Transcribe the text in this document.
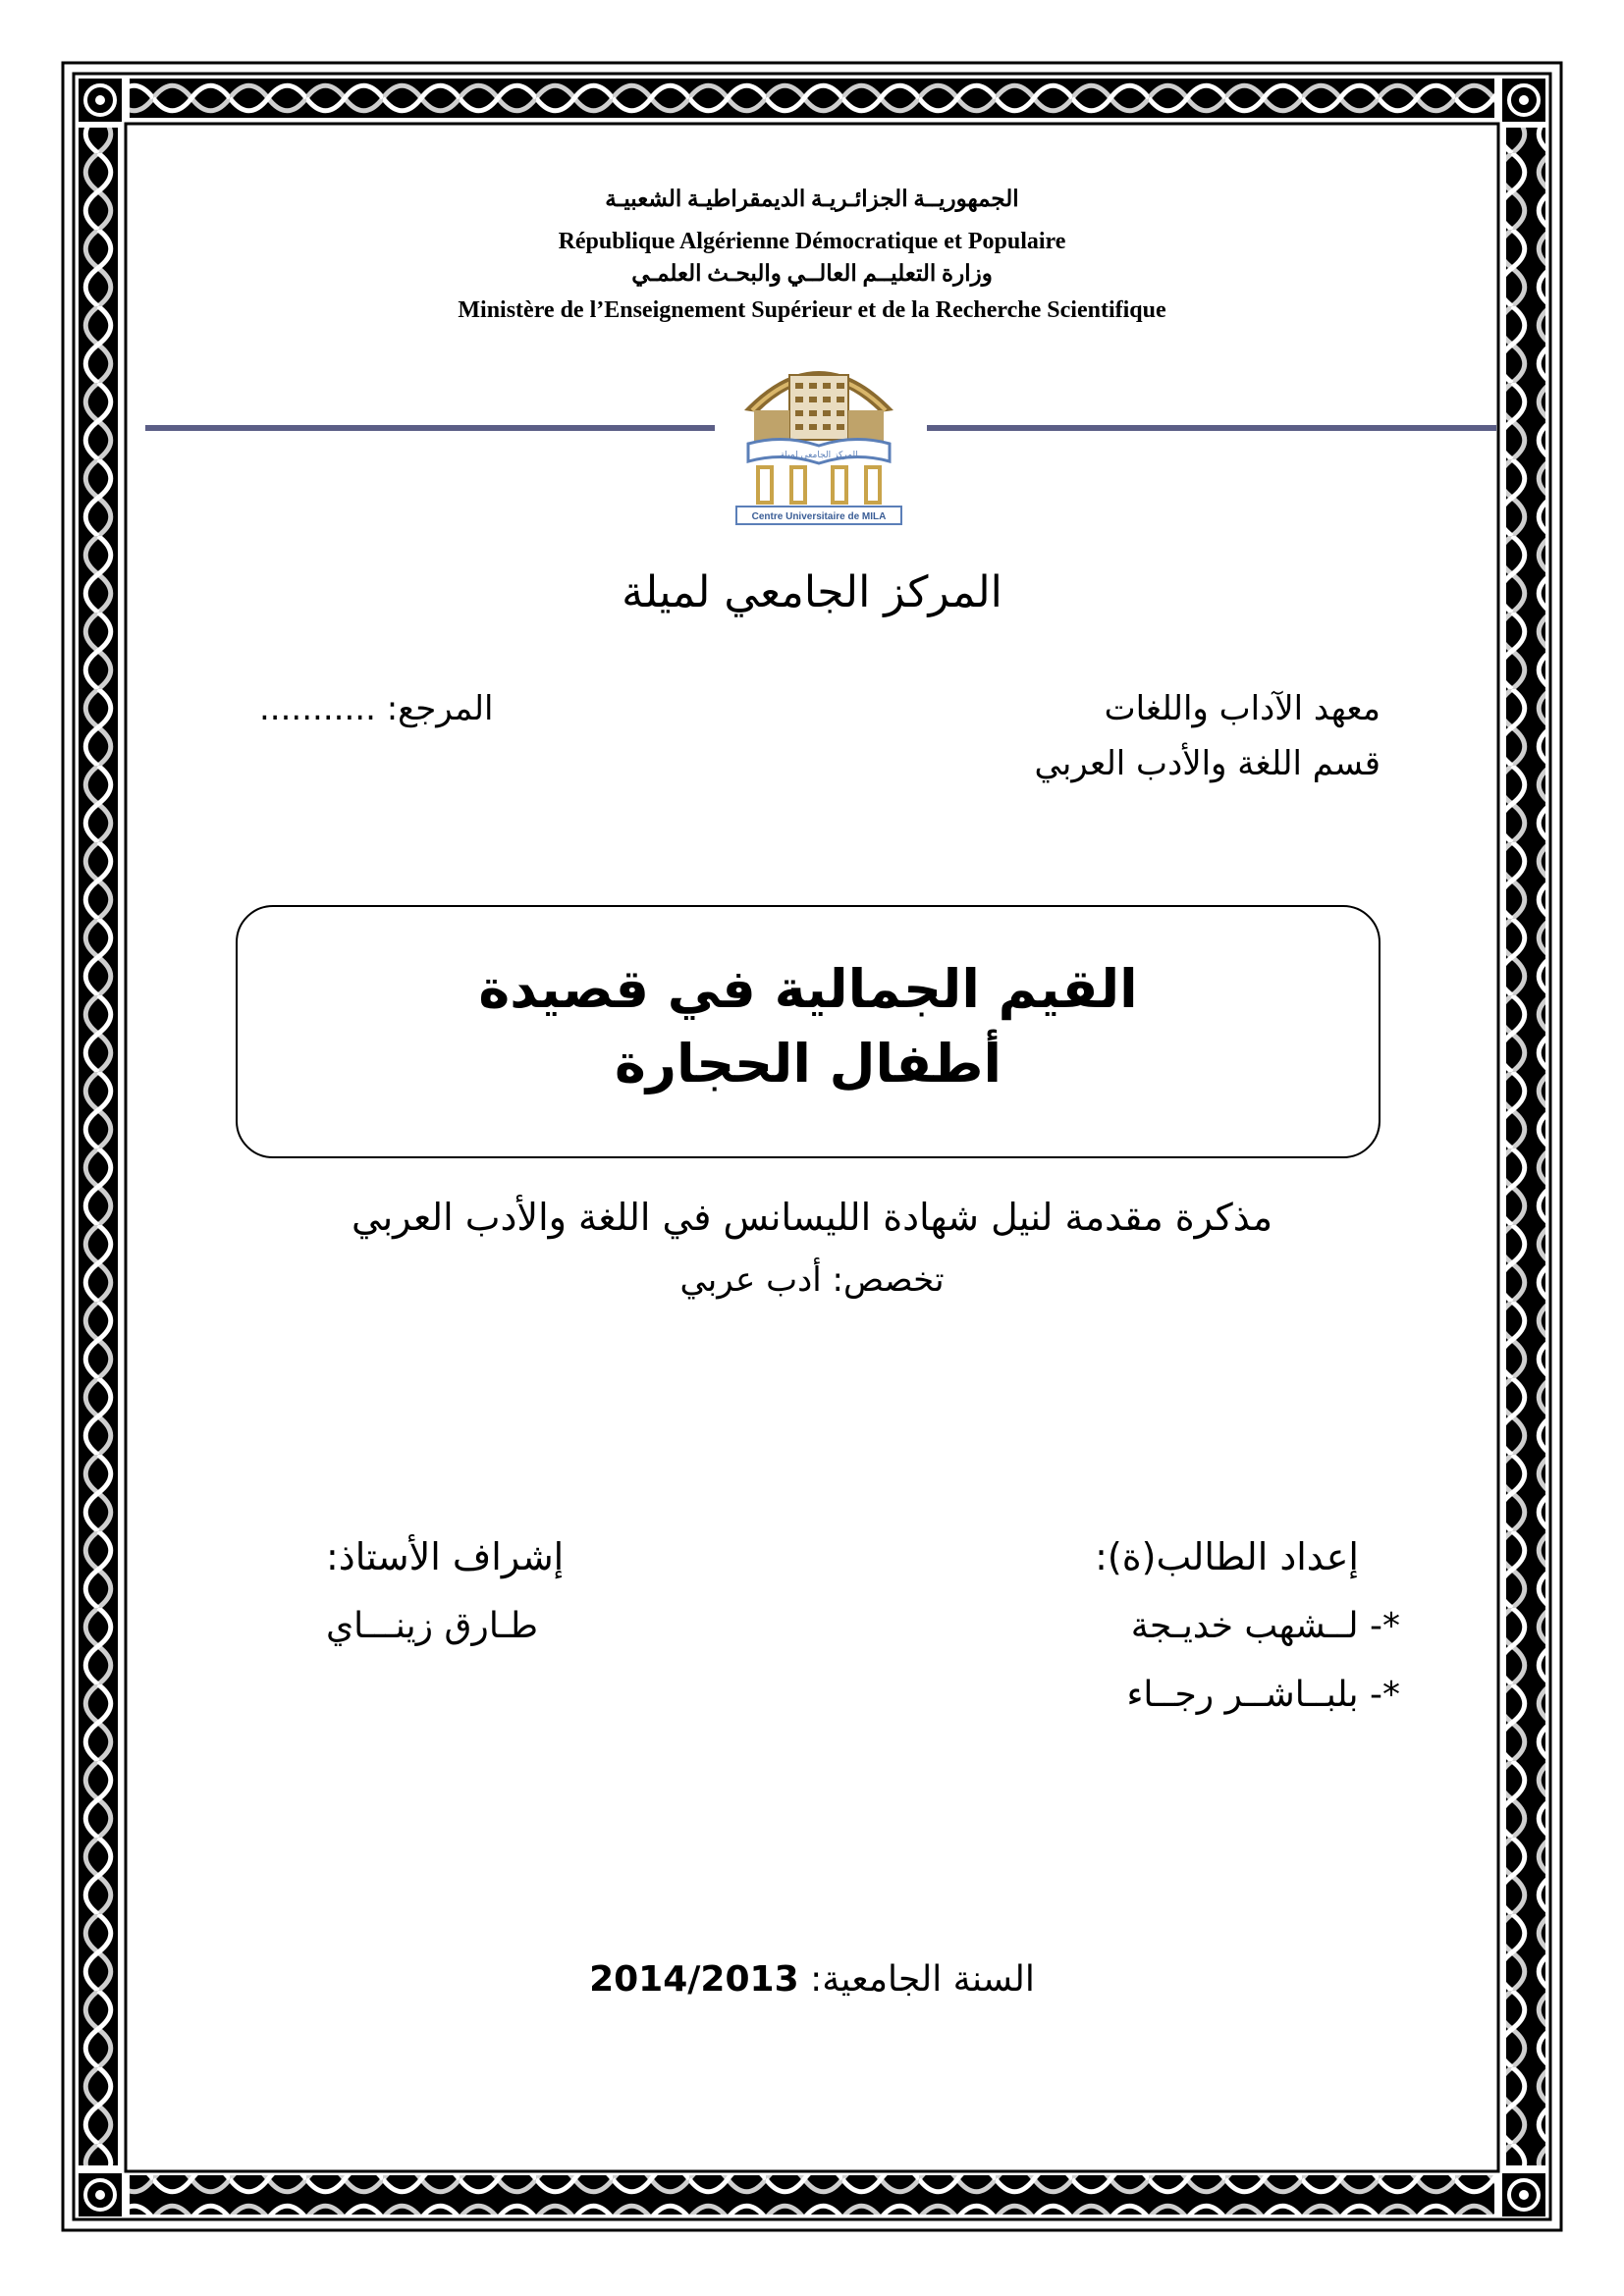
الجمهوريــة الجزائـريـة الديمقراطيـة الشعبيـة
République Algérienne Démocratique et Populaire
وزارة التعليــم العالــي والبحـث العلمـي
Ministère de l’Enseignement Supérieur et de la Recherche Scientifique
المركز الجامعي لميلة
Centre Universitaire de MILA
المركز الجامعي لميلة
معهد الآداب واللغات
قسم اللغة والأدب العربي
المرجع: ...........
القيم الجمالية في قصيدة
أطفال الحجارة
مذكرة مقدمة لنيل شهادة الليسانس في اللغة والأدب العربي
تخصص: أدب عربي
إعداد الطالب(ة):
*- لــشهب خديـجة
*- بلبــاشــر رجــاء
إشراف الأستاذ:
طـارق زينـــاي
السنة الجامعية: 2014/2013
